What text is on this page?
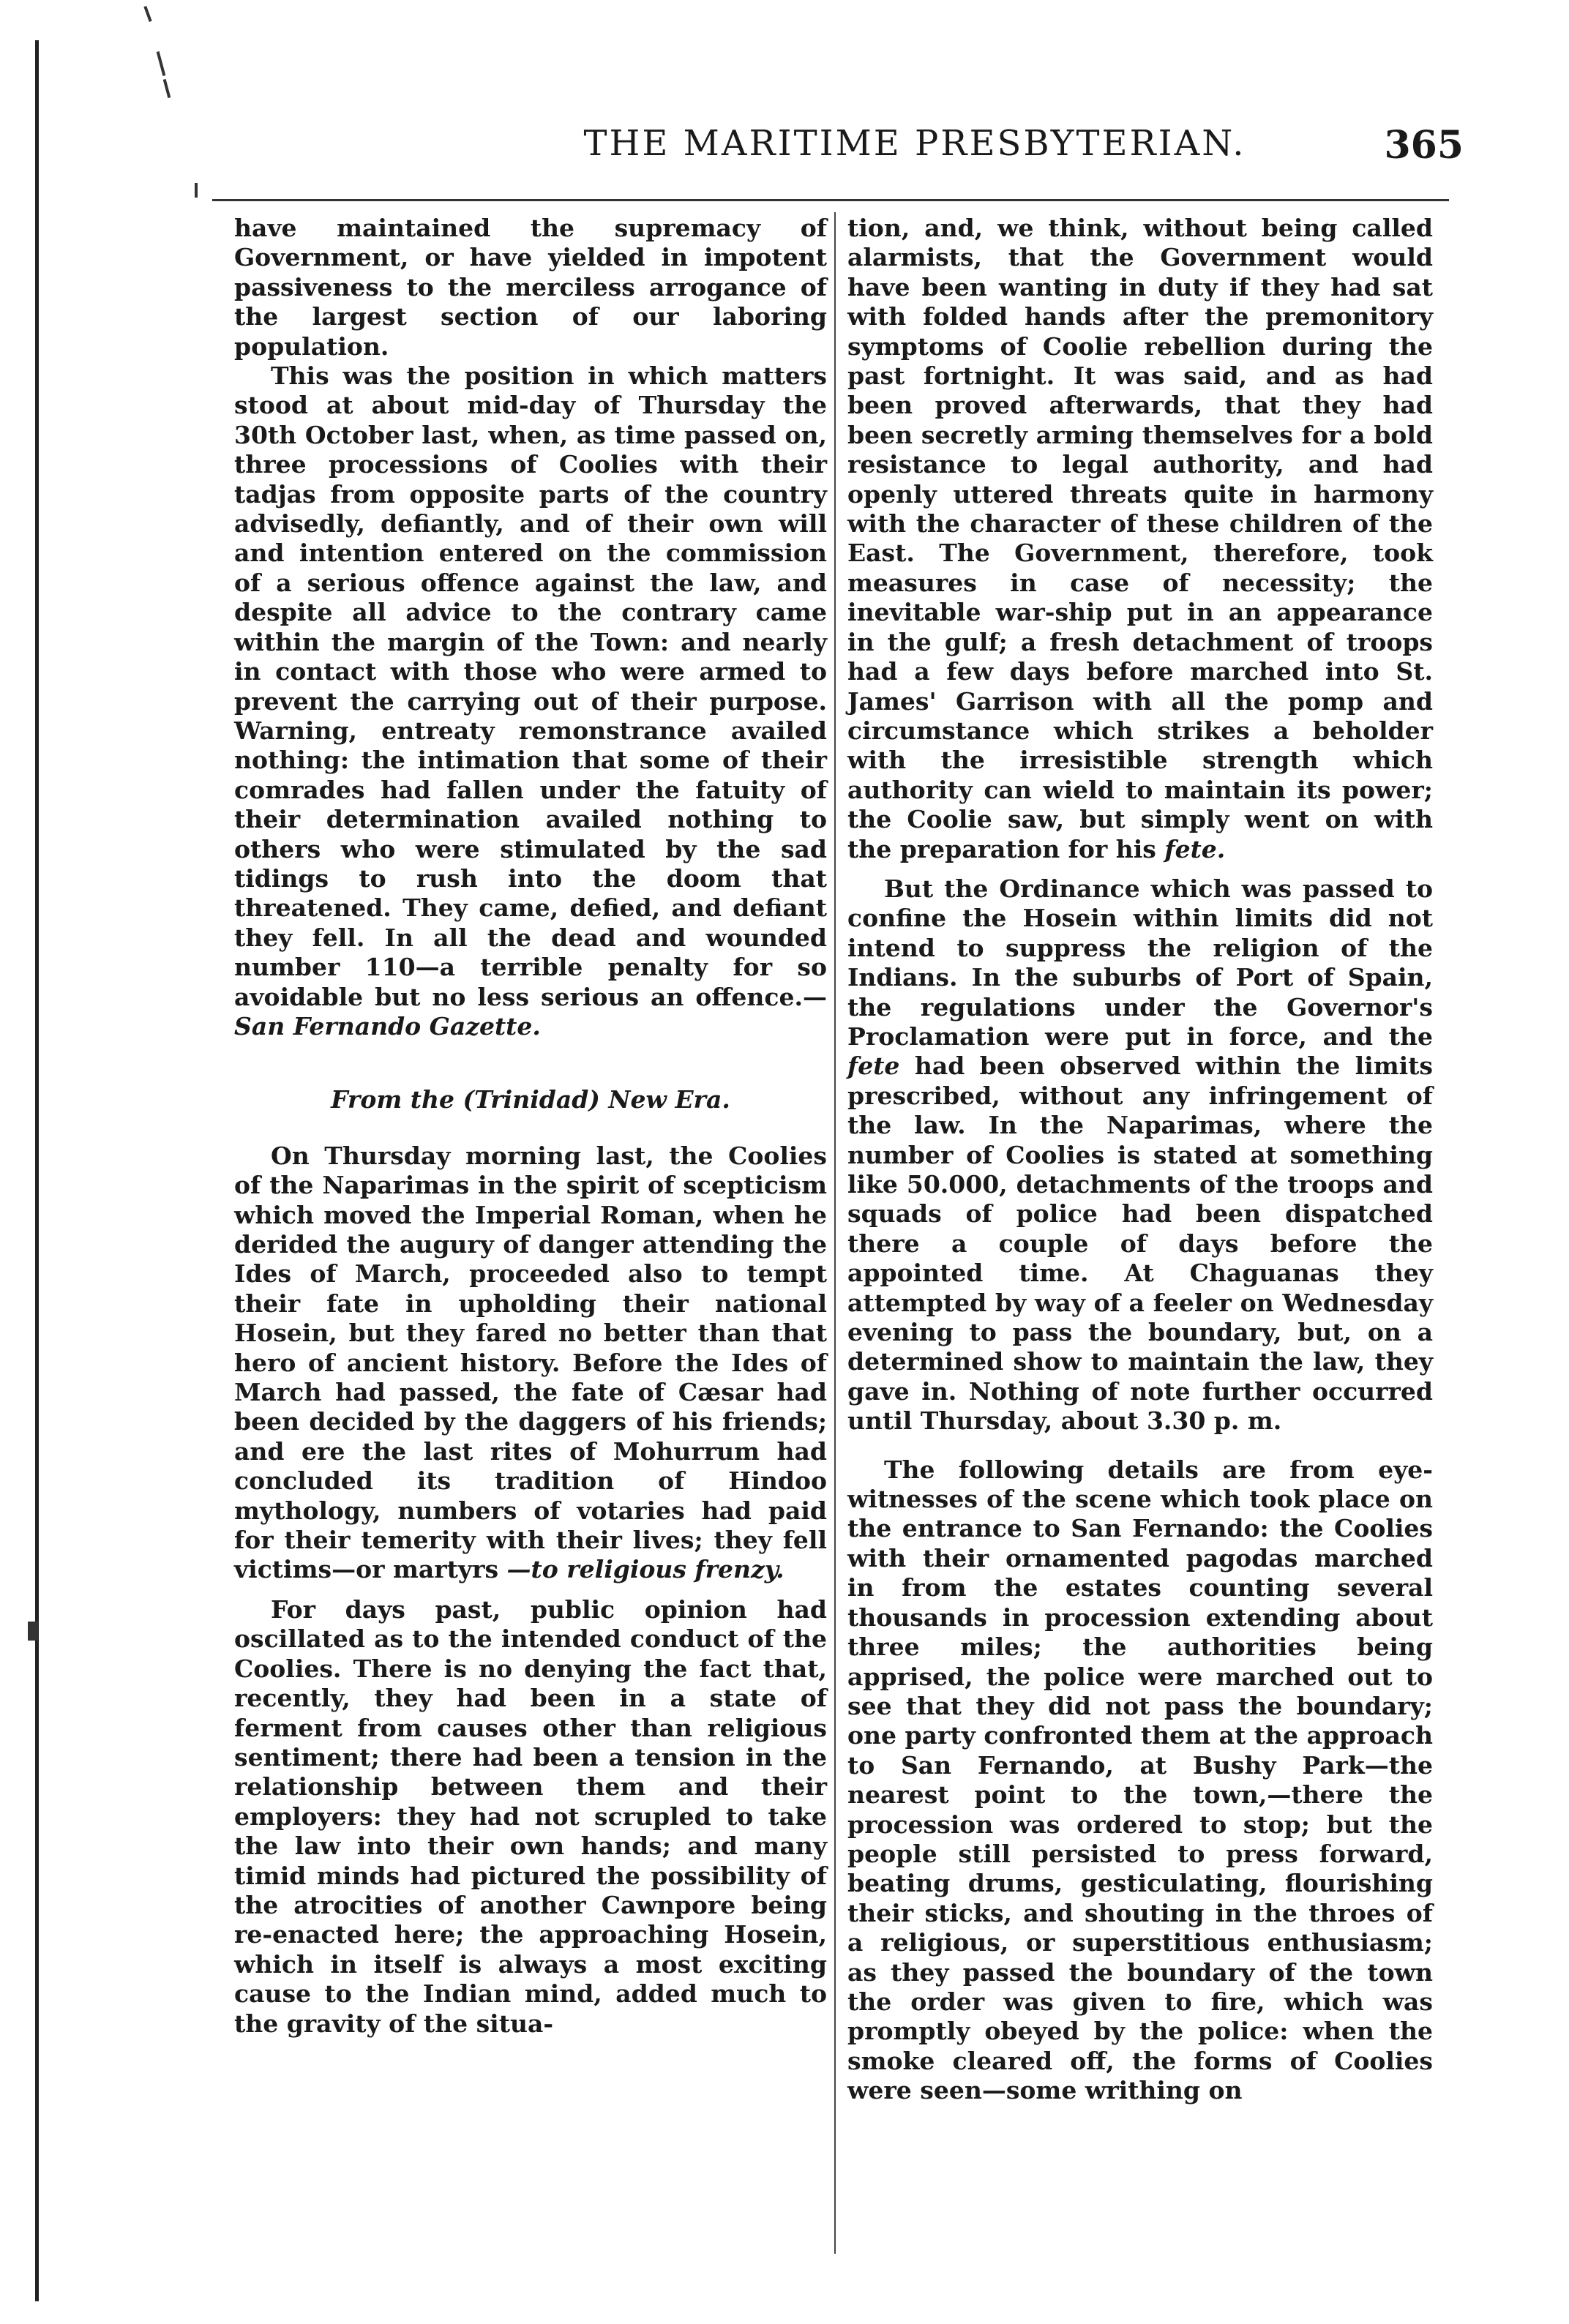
THE MARITIME PRESBYTERIAN.	365

have maintained the supremacy of Government, or have yielded in impotent passiveness to the merciless arrogance of the largest section of our laboring population.

This was the position in which matters stood at about mid-day of Thursday the 30th October last, when, as time passed on, three processions of Coolies with their tadjas from opposite parts of the country advisedly, defiantly, and of their own will and intention entered on the commission of a serious offence against the law, and despite all advice to the contrary came within the margin of the Town: and nearly in contact with those who were armed to prevent the carrying out of their purpose. Warning, entreaty remonstrance availed nothing: the intimation that some of their comrades had fallen under the fatuity of their determination availed nothing to others who were stimulated by the sad tidings to rush into the doom that threatened. They came, defied, and defiant they fell. In all the dead and wounded number 110—a terrible penalty for so avoidable but no less serious an offence.—San Fernando Gazette.

From the (Trinidad) New Era.

On Thursday morning last, the Coolies of the Naparimas in the spirit of scepticism which moved the Imperial Roman, when he derided the augury of danger attending the Ides of March, proceeded also to tempt their fate in upholding their national Hosein, but they fared no better than that hero of ancient history. Before the Ides of March had passed, the fate of Cæsar had been decided by the daggers of his friends; and ere the last rites of Mohurrum had concluded its tradition of Hindoo mythology, numbers of votaries had paid for their temerity with their lives; they fell victims—or martyrs —to religious frenzy.

For days past, public opinion had oscillated as to the intended conduct of the Coolies. There is no denying the fact that, recently, they had been in a state of ferment from causes other than religious sentiment; there had been a tension in the relationship between them and their employers: they had not scrupled to take the law into their own hands; and many timid minds had pictured the possibility of the atrocities of another Cawnpore being re-enacted here; the approaching Hosein, which in itself is always a most exciting cause to the Indian mind, added much to the gravity of the situa-

tion, and, we think, without being called alarmists, that the Government would have been wanting in duty if they had sat with folded hands after the premonitory symptoms of Coolie rebellion during the past fortnight. It was said, and as had been proved afterwards, that they had been secretly arming themselves for a bold resistance to legal authority, and had openly uttered threats quite in harmony with the character of these children of the East. The Government, therefore, took measures in case of necessity; the inevitable war-ship put in an appearance in the gulf; a fresh detachment of troops had a few days before marched into St. James' Garrison with all the pomp and circumstance which strikes a beholder with the irresistible strength which authority can wield to maintain its power; the Coolie saw, but simply went on with the preparation for his fete.

But the Ordinance which was passed to confine the Hosein within limits did not intend to suppress the religion of the Indians. In the suburbs of Port of Spain, the regulations under the Governor's Proclamation were put in force, and the fete had been observed within the limits prescribed, without any infringement of the law. In the Naparimas, where the number of Coolies is stated at something like 50.000, detachments of the troops and squads of police had been dispatched there a couple of days before the appointed time. At Chaguanas they attempted by way of a feeler on Wednesday evening to pass the boundary, but, on a determined show to maintain the law, they gave in. Nothing of note further occurred until Thursday, about 3.30 p. m.

The following details are from eye-witnesses of the scene which took place on the entrance to San Fernando: the Coolies with their ornamented pagodas marched in from the estates counting several thousands in procession extending about three miles; the authorities being apprised, the police were marched out to see that they did not pass the boundary; one party confronted them at the approach to San Fernando, at Bushy Park—the nearest point to the town,—there the procession was ordered to stop; but the people still persisted to press forward, beating drums, gesticulating, flourishing their sticks, and shouting in the throes of a religious, or superstitious enthusiasm; as they passed the boundary of the town the order was given to fire, which was promptly obeyed by the police: when the smoke cleared off, the forms of Coolies were seen—some writhing on
